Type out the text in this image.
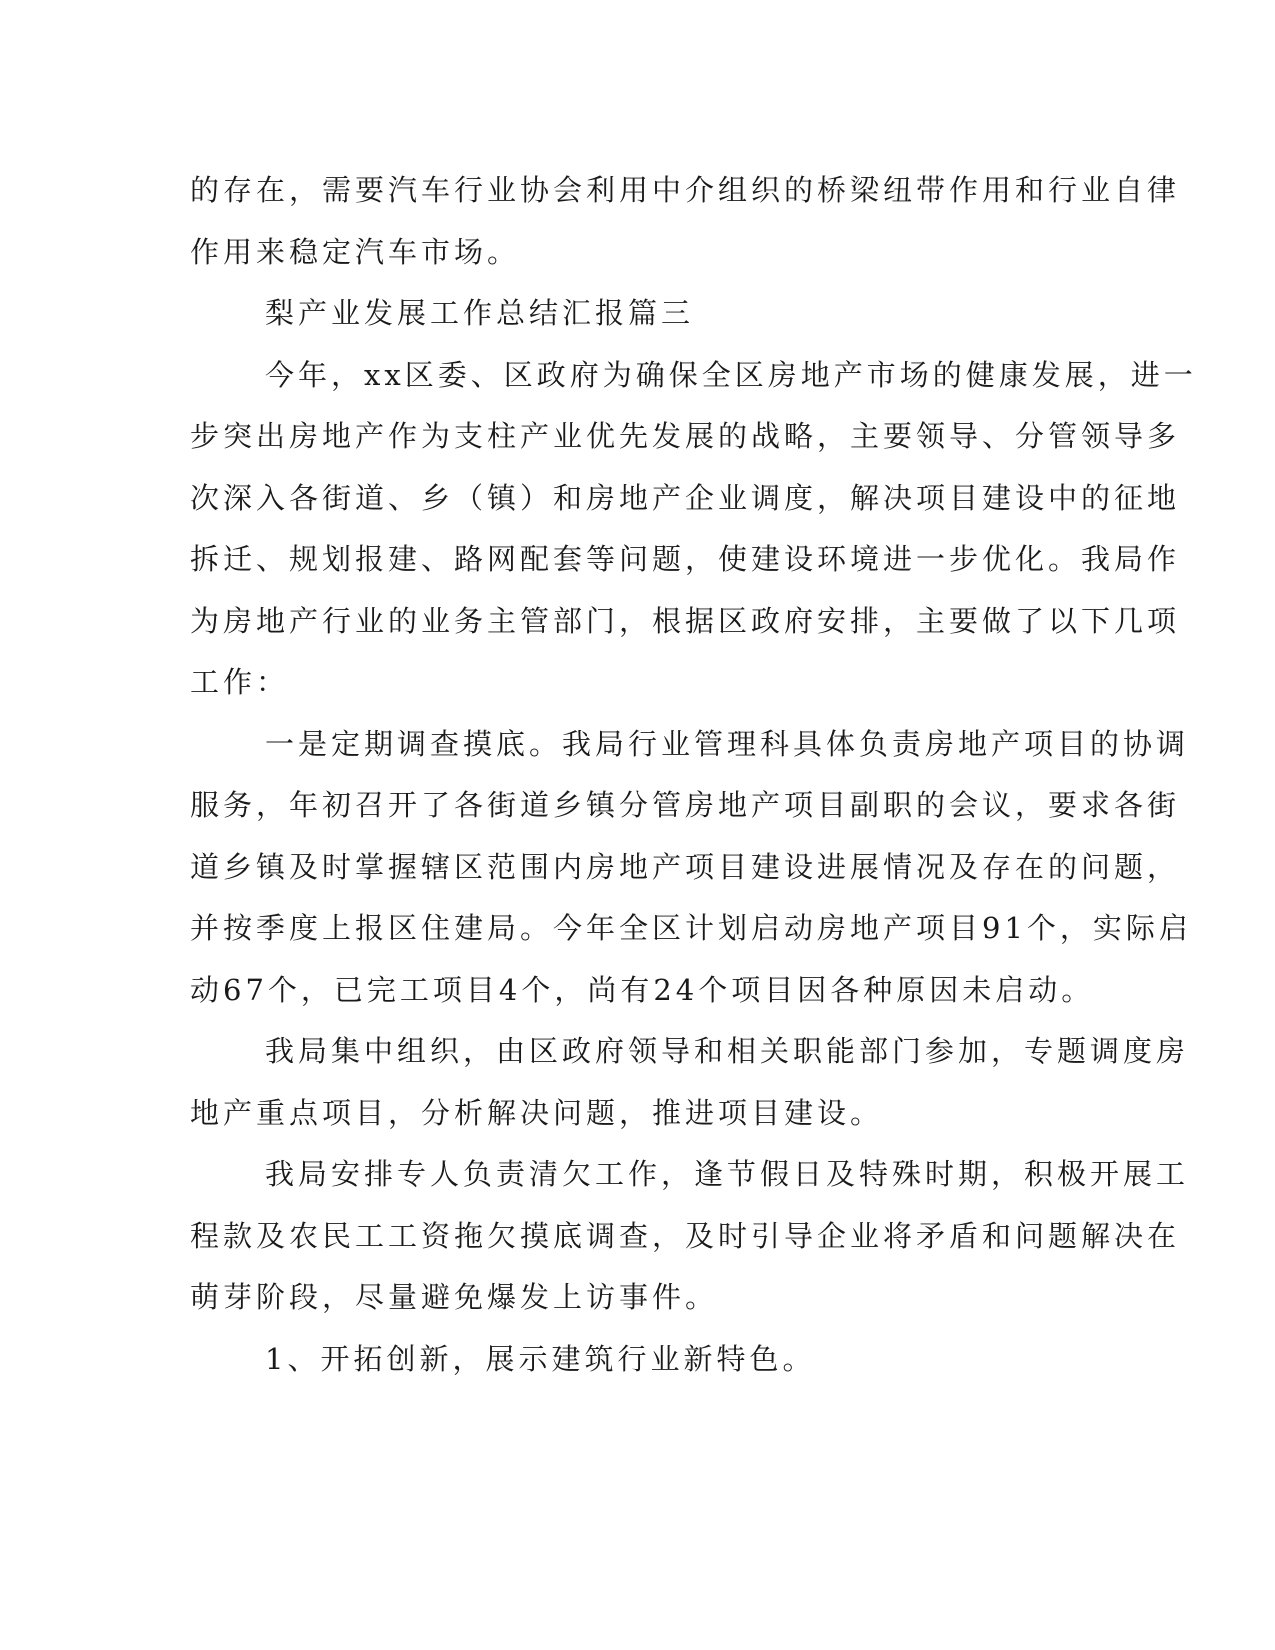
的存在，需要汽车行业协会利用中介组织的桥梁纽带作用和行业自律
作用来稳定汽车市场。
梨产业发展工作总结汇报篇三
今年，xx区委、区政府为确保全区房地产市场的健康发展，进一
步突出房地产作为支柱产业优先发展的战略，主要领导、分管领导多
次深入各街道、乡（镇）和房地产企业调度，解决项目建设中的征地
拆迁、规划报建、路网配套等问题，使建设环境进一步优化。我局作
为房地产行业的业务主管部门，根据区政府安排，主要做了以下几项
工作：
一是定期调查摸底。我局行业管理科具体负责房地产项目的协调
服务，年初召开了各街道乡镇分管房地产项目副职的会议，要求各街
道乡镇及时掌握辖区范围内房地产项目建设进展情况及存在的问题，
并按季度上报区住建局。今年全区计划启动房地产项目91个，实际启
动67个，已完工项目4个，尚有24个项目因各种原因未启动。
我局集中组织，由区政府领导和相关职能部门参加，专题调度房
地产重点项目，分析解决问题，推进项目建设。
我局安排专人负责清欠工作，逢节假日及特殊时期，积极开展工
程款及农民工工资拖欠摸底调查，及时引导企业将矛盾和问题解决在
萌芽阶段，尽量避免爆发上访事件。
1、开拓创新，展示建筑行业新特色。
